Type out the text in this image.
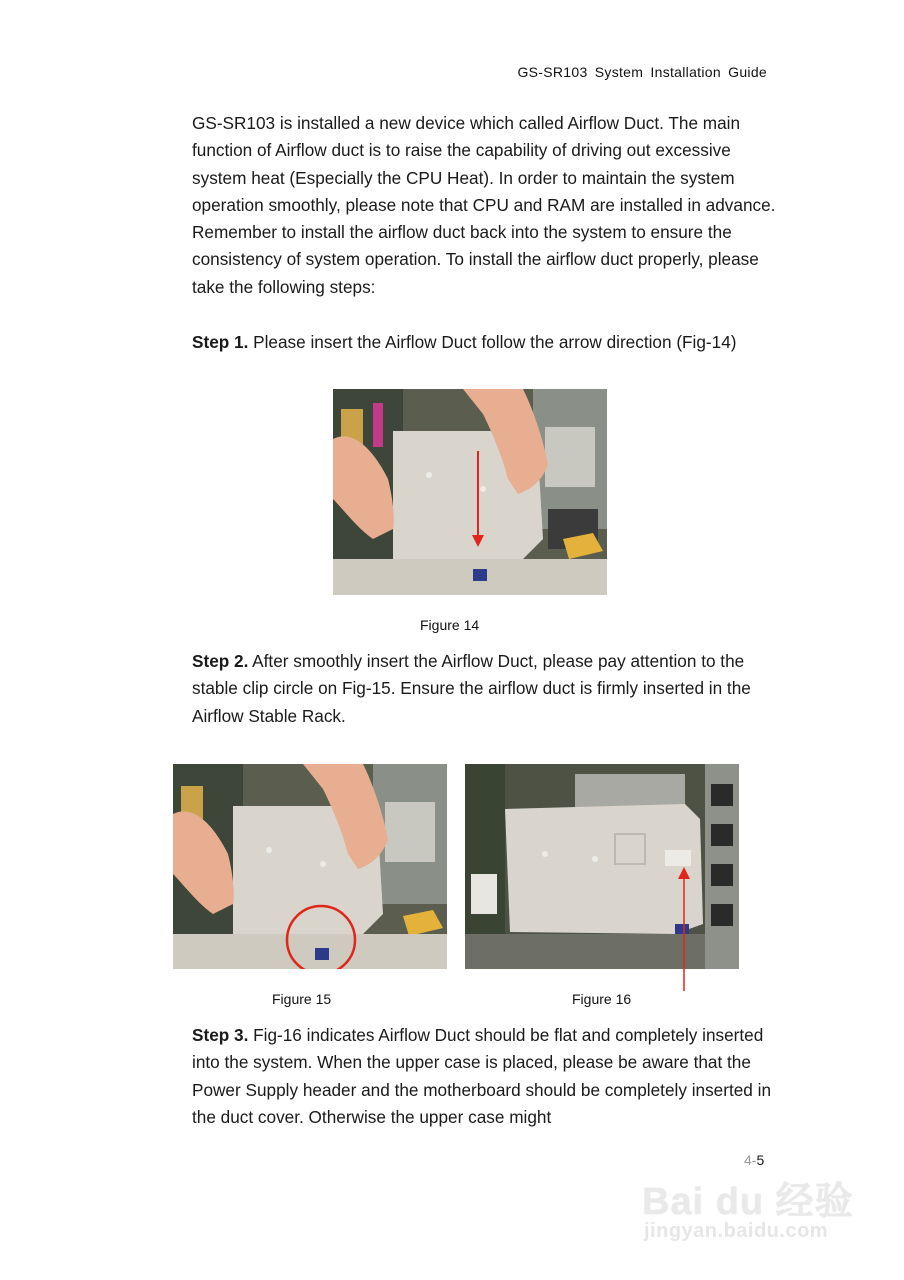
GS-SR103 System Installation Guide
GS-SR103 is installed a new device which called Airflow Duct. The main function of Airflow duct is to raise the capability of driving out excessive system heat (Especially the CPU Heat). In order to maintain the system operation smoothly, please note that CPU and RAM are installed in advance. Remember to install the airflow duct back into the system to ensure the consistency of system operation. To install the airflow duct properly, please take the following steps:
Step 1. Please insert the Airflow Duct follow the arrow direction (Fig-14)
Figure 14
Step 2. After smoothly insert the Airflow Duct, please pay attention to the stable clip circle on Fig-15. Ensure the airflow duct is firmly inserted in the Airflow Stable Rack.
Figure 15	Figure 16
Step 3. Fig-16 indicates Airflow Duct should be flat and completely inserted into the system. When the upper case is placed, please be aware that the Power Supply header and the motherboard should be completely inserted in the duct cover. Otherwise the upper case might
4-5
Bai du 经验
jingyan.baidu.com
